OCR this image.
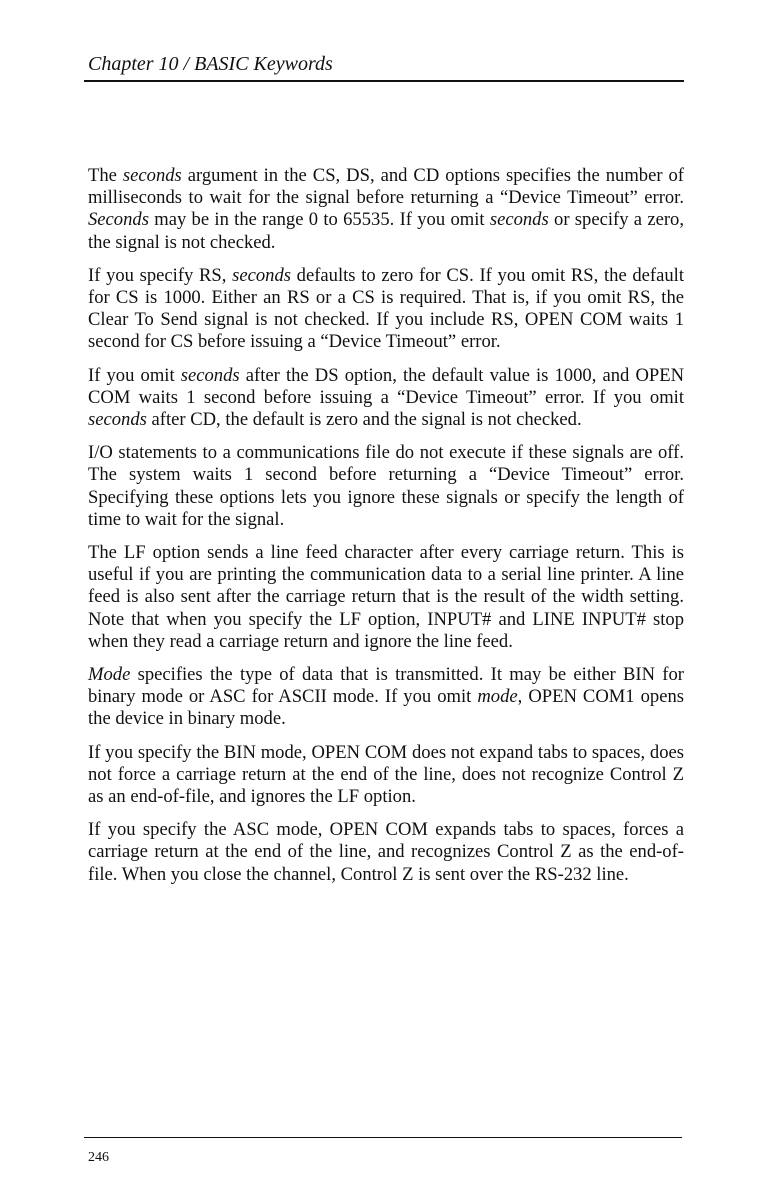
Chapter 10 / BASIC Keywords

The seconds argument in the CS, DS, and CD options specifies the number of milliseconds to wait for the signal before returning a “Device Timeout” error. Seconds may be in the range 0 to 65535. If you omit seconds or specify a zero, the signal is not checked.

If you specify RS, seconds defaults to zero for CS. If you omit RS, the default for CS is 1000. Either an RS or a CS is required. That is, if you omit RS, the Clear To Send signal is not checked. If you include RS, OPEN COM waits 1 second for CS before issuing a “Device Timeout” error.

If you omit seconds after the DS option, the default value is 1000, and OPEN COM waits 1 second before issuing a “Device Timeout” error. If you omit seconds after CD, the default is zero and the signal is not checked.

I/O statements to a communications file do not execute if these signals are off. The system waits 1 second before returning a “Device Timeout” error. Specifying these options lets you ignore these signals or specify the length of time to wait for the signal.

The LF option sends a line feed character after every carriage return. This is useful if you are printing the communication data to a serial line printer. A line feed is also sent after the carriage return that is the result of the width setting. Note that when you specify the LF option, INPUT# and LINE INPUT# stop when they read a carriage return and ignore the line feed.

Mode specifies the type of data that is transmitted. It may be either BIN for binary mode or ASC for ASCII mode. If you omit mode, OPEN COM1 opens the device in binary mode.

If you specify the BIN mode, OPEN COM does not expand tabs to spaces, does not force a carriage return at the end of the line, does not recognize Control Z as an end-of-file, and ignores the LF option.

If you specify the ASC mode, OPEN COM expands tabs to spaces, forces a carriage return at the end of the line, and recognizes Control Z as the end-of-file. When you close the channel, Control Z is sent over the RS-232 line.

246
